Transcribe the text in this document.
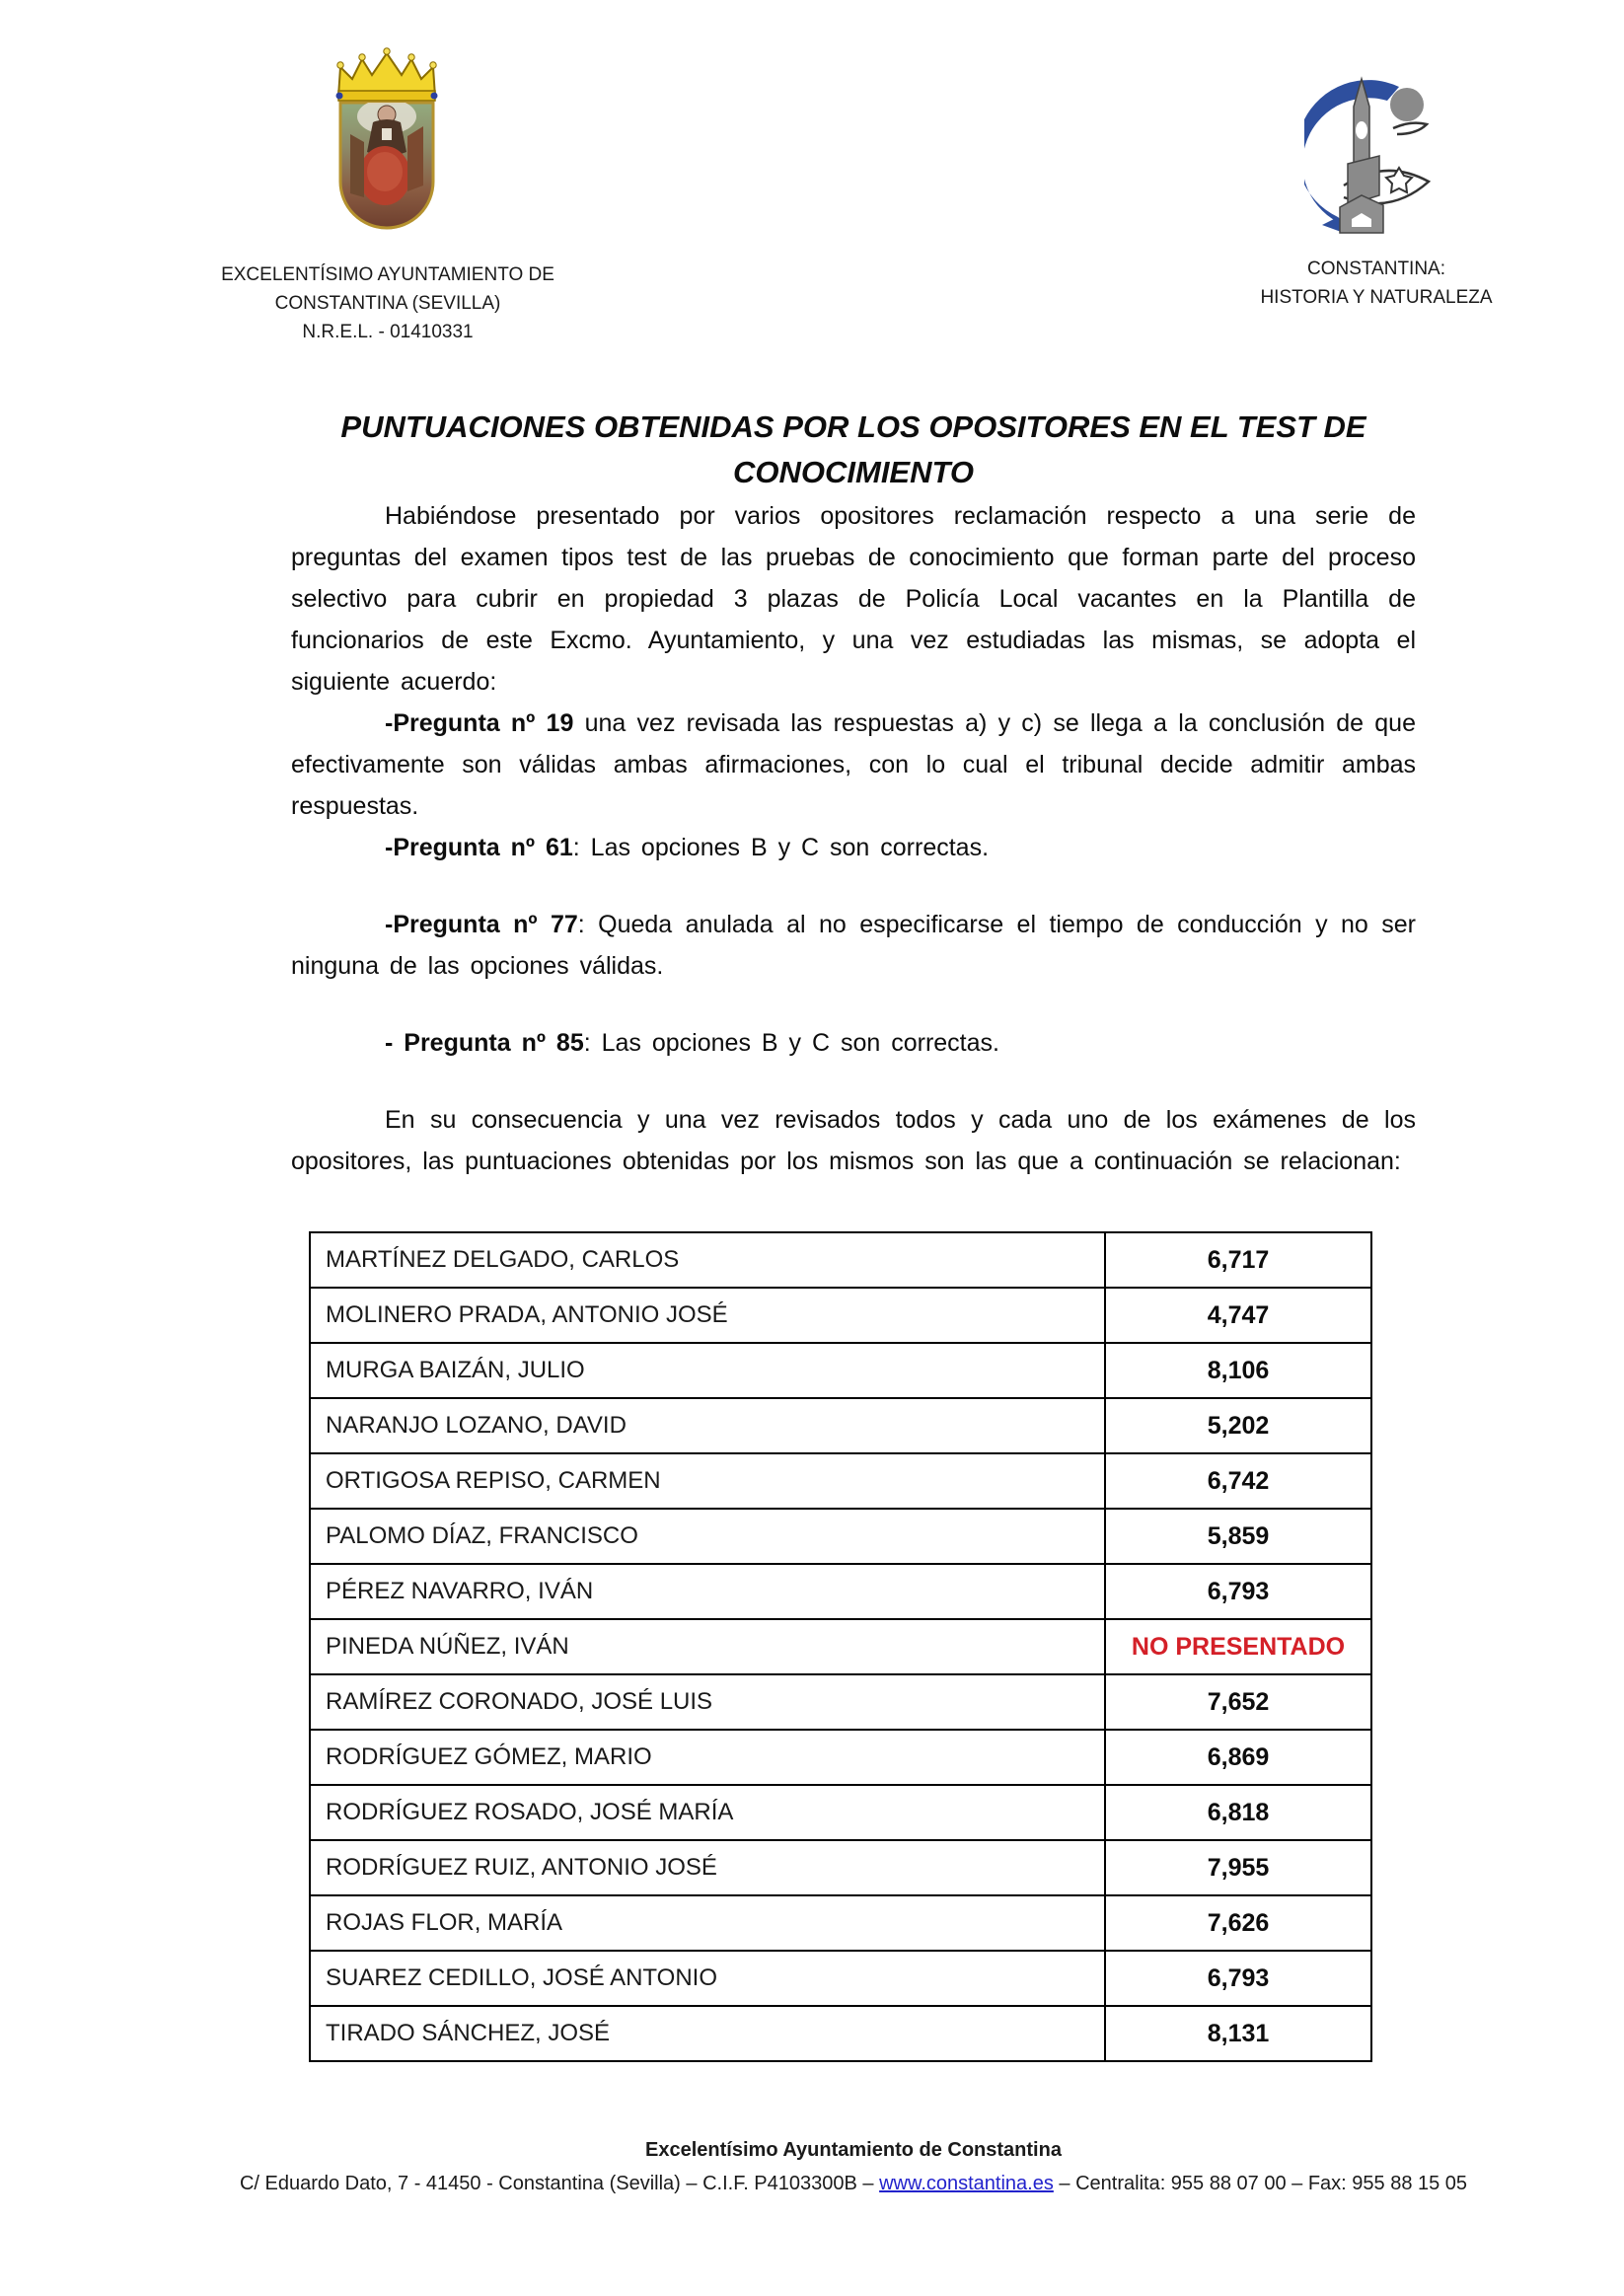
EXCELENTÍSIMO AYUNTAMIENTO DE
CONSTANTINA (SEVILLA)
N.R.E.L. - 01410331
CONSTANTINA:
HISTORIA Y NATURALEZA
PUNTUACIONES OBTENIDAS POR LOS OPOSITORES EN EL TEST DE
CONOCIMIENTO

Habiéndose presentado por varios opositores reclamación respecto a una serie de preguntas del examen tipos test de las pruebas de conocimiento que forman parte del proceso selectivo para cubrir en propiedad 3 plazas de Policía Local vacantes en la Plantilla de funcionarios de este Excmo. Ayuntamiento, y una vez estudiadas las mismas, se adopta el siguiente acuerdo:

-Pregunta nº 19 una vez revisada las respuestas a) y c) se llega a la conclusión de que efectivamente son válidas ambas afirmaciones, con lo cual el tribunal decide admitir ambas respuestas.

-Pregunta nº 61: Las opciones B y C son correctas.

-Pregunta nº 77: Queda anulada al no especificarse el tiempo de conducción y no ser ninguna de las opciones válidas.

- Pregunta nº 85: Las opciones B y C son correctas.

En su consecuencia y una vez revisados todos y cada uno de los exámenes de los opositores, las puntuaciones obtenidas por los mismos son las que a continuación se relacionan:

MARTÍNEZ DELGADO, CARLOS	6,717
MOLINERO PRADA, ANTONIO JOSÉ	4,747
MURGA BAIZÁN, JULIO	8,106
NARANJO LOZANO, DAVID	5,202
ORTIGOSA REPISO, CARMEN	6,742
PALOMO DÍAZ, FRANCISCO	5,859
PÉREZ NAVARRO, IVÁN	6,793
PINEDA NÚÑEZ, IVÁN	NO PRESENTADO
RAMÍREZ CORONADO, JOSÉ LUIS	7,652
RODRÍGUEZ GÓMEZ, MARIO	6,869
RODRÍGUEZ ROSADO, JOSÉ MARÍA	6,818
RODRÍGUEZ RUIZ, ANTONIO JOSÉ	7,955
ROJAS FLOR, MARÍA	7,626
SUAREZ CEDILLO, JOSÉ ANTONIO	6,793
TIRADO SÁNCHEZ, JOSÉ	8,131
Excelentísimo Ayuntamiento de Constantina
C/ Eduardo Dato, 7 - 41450 - Constantina (Sevilla) – C.I.F. P4103300B – www.constantina.es – Centralita: 955 88 07 00 – Fax: 955 88 15 05
